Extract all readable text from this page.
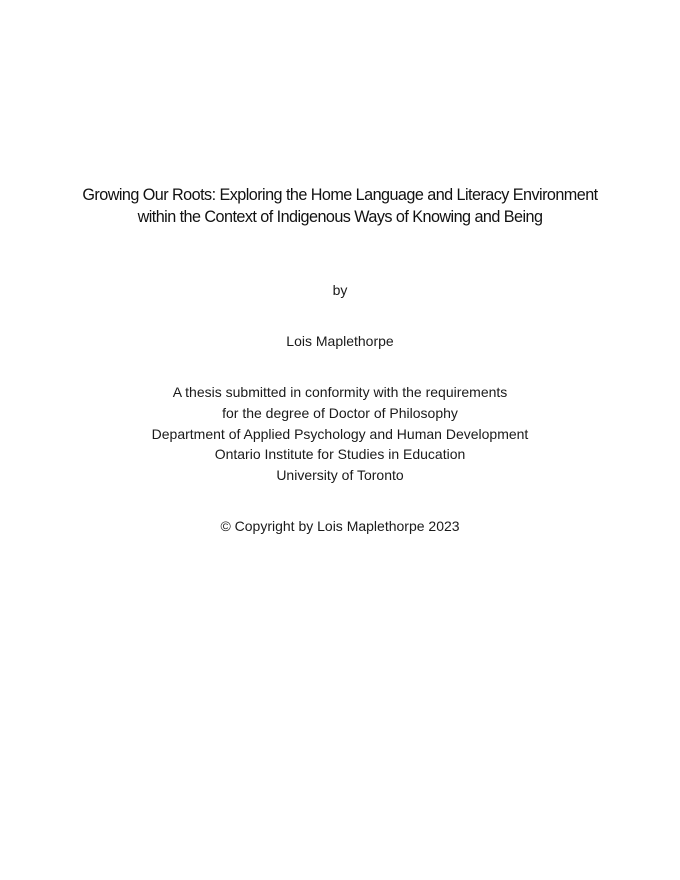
Growing Our Roots: Exploring the Home Language and Literacy Environment
within the Context of Indigenous Ways of Knowing and Being
by
Lois Maplethorpe
A thesis submitted in conformity with the requirements
for the degree of Doctor of Philosophy
Department of Applied Psychology and Human Development
Ontario Institute for Studies in Education
University of Toronto
© Copyright by Lois Maplethorpe 2023
